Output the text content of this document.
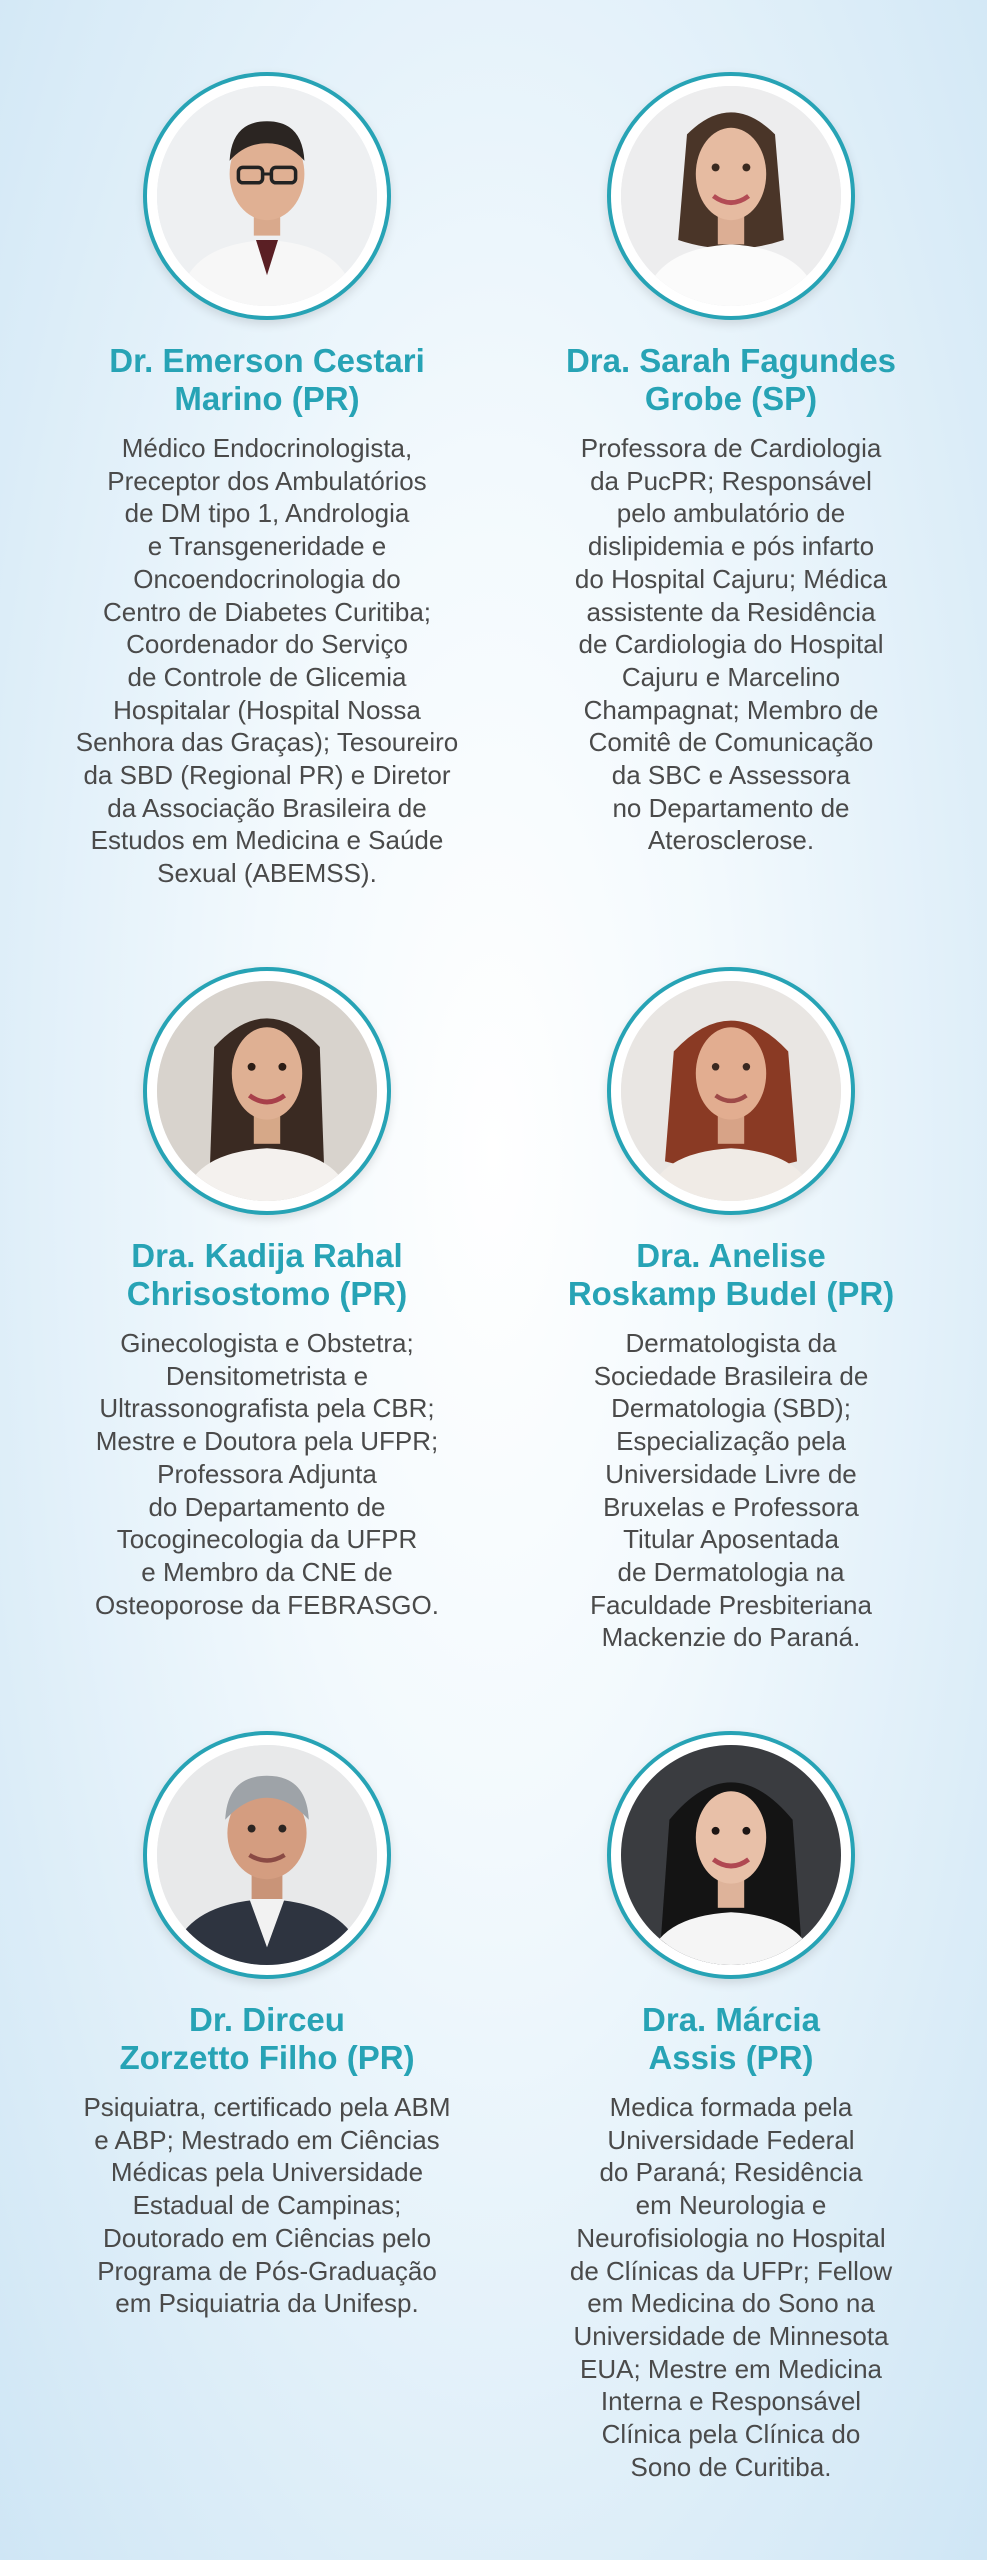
Dr. Emerson Cestari
Marino (PR)
Médico Endocrinologista,
Preceptor dos Ambulatórios
de DM tipo 1, Andrologia
e Transgeneridade e
Oncoendocrinologia do
Centro de Diabetes Curitiba;
Coordenador do Serviço
de Controle de Glicemia
Hospitalar (Hospital Nossa
Senhora das Graças); Tesoureiro
da SBD (Regional PR) e Diretor
da Associação Brasileira de
Estudos em Medicina e Saúde
Sexual (ABEMSS).
Dra. Sarah Fagundes
Grobe (SP)
Professora de Cardiologia
da PucPR; Responsável
pelo ambulatório de
dislipidemia e pós infarto
do Hospital Cajuru; Médica
assistente da Residência
de Cardiologia do Hospital
Cajuru e Marcelino
Champagnat; Membro de
Comitê de Comunicação
da SBC e Assessora
no Departamento de
Aterosclerose.
Dra. Kadija Rahal
Chrisostomo (PR)
Ginecologista e Obstetra;
Densitometrista e
Ultrassonografista pela CBR;
Mestre e Doutora pela UFPR;
Professora Adjunta
do Departamento de
Tocoginecologia da UFPR
e Membro da CNE de
Osteoporose da FEBRASGO.
Dra. Anelise
Roskamp Budel (PR)
Dermatologista da
Sociedade Brasileira de
Dermatologia (SBD);
Especialização pela
Universidade Livre de
Bruxelas e Professora
Titular Aposentada
de Dermatologia na
Faculdade Presbiteriana
Mackenzie do Paraná.
Dr. Dirceu
Zorzetto Filho (PR)
Psiquiatra, certificado pela ABM
e ABP; Mestrado em Ciências
Médicas pela Universidade
Estadual de Campinas;
Doutorado em Ciências pelo
Programa de Pós-Graduação
em Psiquiatria da Unifesp.
Dra. Márcia
Assis (PR)
Medica formada pela
Universidade Federal
do Paraná; Residência
em Neurologia e
Neurofisiologia no Hospital
de Clínicas da UFPr; Fellow
em Medicina do Sono na
Universidade de Minnesota
EUA; Mestre em Medicina
Interna e Responsável
Clínica pela Clínica do
Sono de Curitiba.
